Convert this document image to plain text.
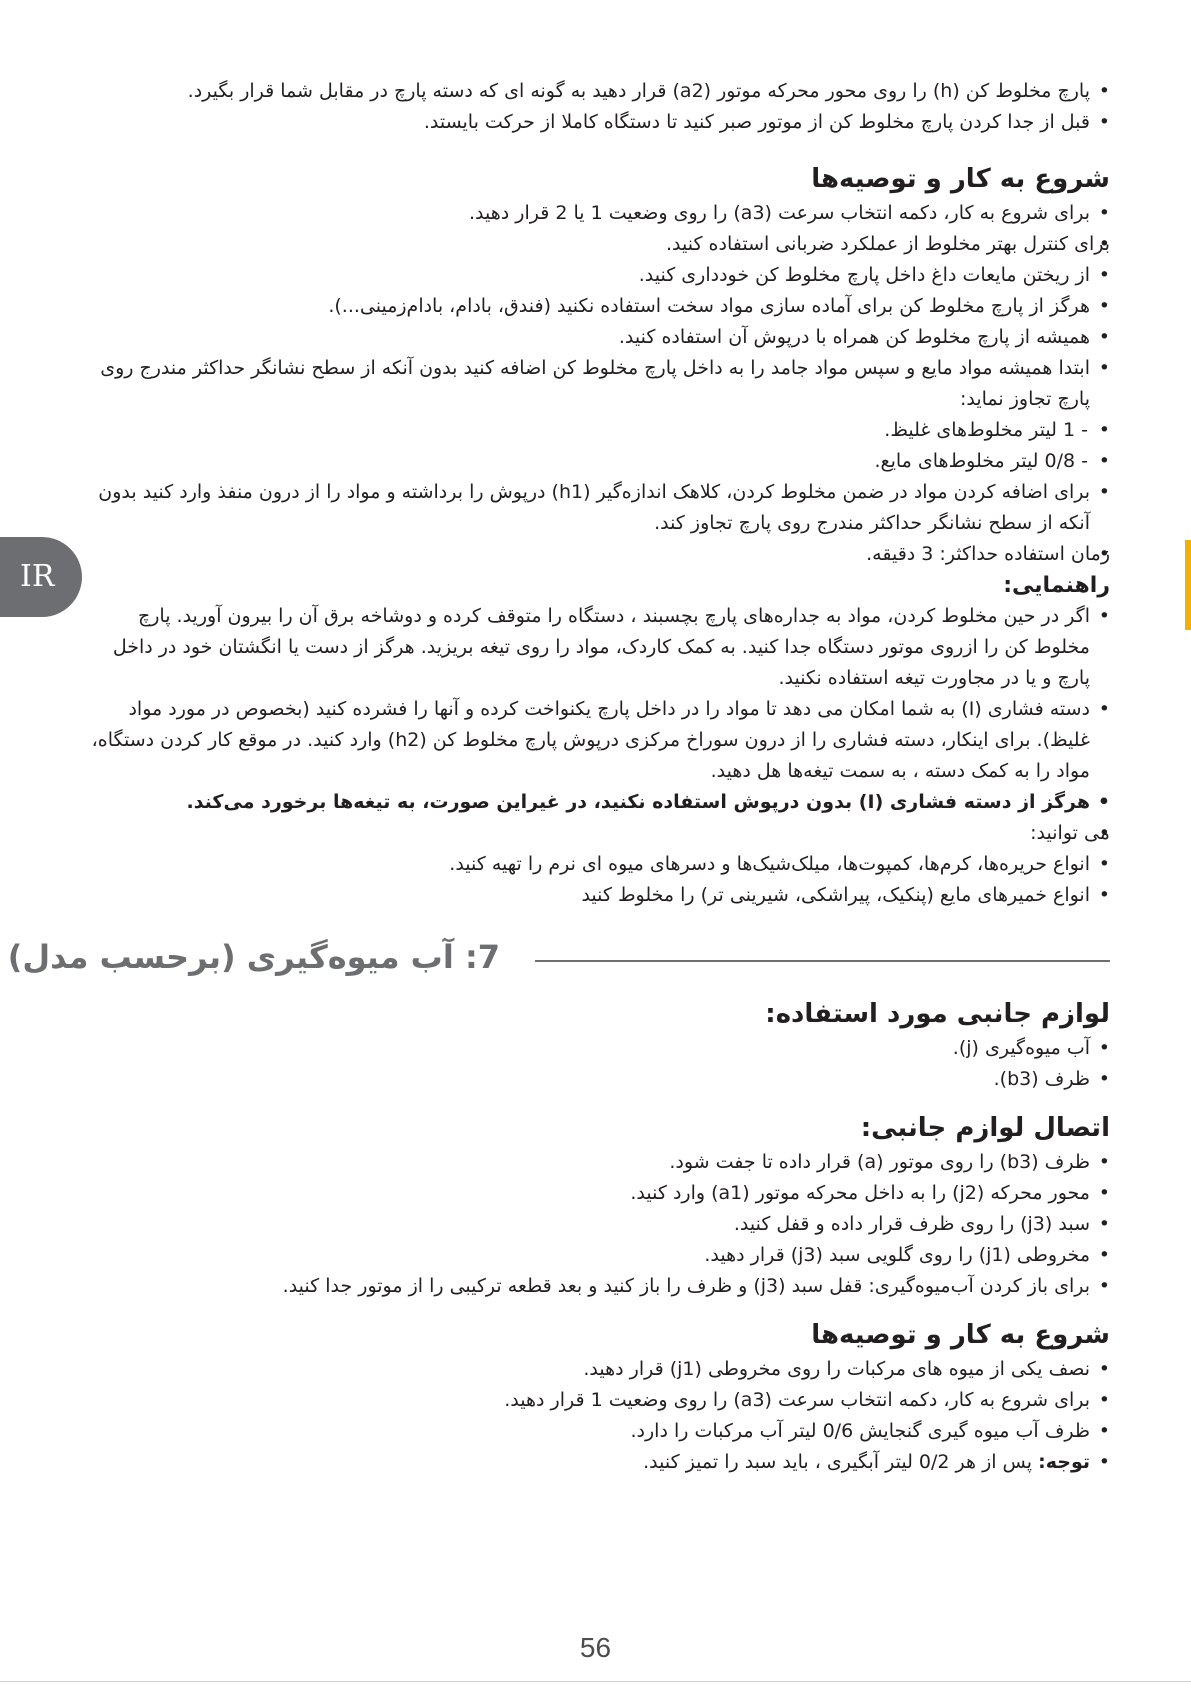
IR
• پارچ مخلوط کن (h) را روی محور محرکه موتور (a2) قرار دهید به گونه ای که دسته پارچ در مقابل شما قرار بگیرد.
• قبل از جدا کردن پارچ مخلوط کن از موتور صبر کنید تا دستگاه کاملا از حرکت بایستد.
شروع به کار و توصیه‌ها
• برای شروع به کار، دکمه انتخاب سرعت (a3) را روی وضعیت 1 یا 2 قرار دهید.
• برای کنترل بهتر مخلوط از عملکرد ضربانی استفاده کنید.
• از ریختن مایعات داغ داخل پارچ مخلوط کن خودداری کنید.
• هرگز از پارچ مخلوط کن برای آماده سازی مواد سخت استفاده نکنید (فندق، بادام، بادام‌زمینی...).
• همیشه از پارچ مخلوط کن همراه با درپوش آن استفاده کنید.
• ابتدا همیشه مواد مایع و سپس مواد جامد را به داخل پارچ مخلوط کن اضافه کنید بدون آنکه از سطح نشانگر حداکثر مندرج روی پارچ تجاوز نماید:
• - 1 لیتر مخلوط‌های غلیظ.
• - 0/8 لیتر مخلوط‌های مایع.
• برای اضافه کردن مواد در ضمن مخلوط کردن، کلاهک اندازه‌گیر (h1) درپوش را برداشته و مواد را از درون منفذ وارد کنید بدون آنکه از سطح نشانگر حداکثر مندرج روی پارچ تجاوز کند.
• زمان استفاده حداکثر: 3 دقیقه.
راهنمایی:
• اگر در حین مخلوط کردن، مواد به جداره‌های پارچ بچسبند ، دستگاه را متوقف کرده و دوشاخه برق آن را بیرون آورید. پارچ مخلوط کن را ازروی موتور دستگاه جدا کنید. به کمک کاردک، مواد را روی تیغه بریزید. هرگز از دست یا انگشتان خود در داخل پارچ و یا در مجاورت تیغه استفاده نکنید.
• دسته فشاری (I) به شما امکان می دهد تا مواد را در داخل پارچ یکنواخت کرده و آنها را فشرده کنید (بخصوص در مورد مواد غلیظ). برای اینکار، دسته فشاری را از درون سوراخ مرکزی درپوش پارچ مخلوط کن (h2) وارد کنید. در موقع کار کردن دستگاه، مواد را به کمک دسته ، به سمت تیغه‌ها هل دهید.
• هرگز از دسته فشاری (I) بدون درپوش استفاده نکنید، در غیراین صورت، به تیغه‌ها برخورد می‌کند.
• می توانید:
• انواع حریره‌ها، کرم‌ها، کمپوت‌ها، میلک‌شیک‌ها و دسرهای میوه ای نرم را تهیه کنید.
• انواع خمیرهای مایع (پنکیک، پیراشکی، شیرینی تر) را مخلوط کنید
7: آب میوه‌گیری (برحسب مدل)
لوازم جانبی مورد استفاده:
• آب میوه‌گیری (j).
• ظرف (b3).
اتصال لوازم جانبی:
• ظرف (b3) را روی موتور (a) قرار داده تا جفت شود.
• محور محرکه (j2) را به داخل محرکه موتور (a1) وارد کنید.
• سبد (j3) را روی ظرف قرار داده و قفل کنید.
• مخروطی (j1) را روی گلویی سبد (j3) قرار دهید.
• برای باز کردن آب‌میوه‌گیری: قفل سبد (j3) و ظرف را باز کنید و بعد قطعه ترکیبی را از موتور جدا کنید.
شروع به کار و توصیه‌ها
• نصف یکی از میوه های مرکبات را روی مخروطی (j1) قرار دهید.
• برای شروع به کار، دکمه انتخاب سرعت (a3) را روی وضعیت 1 قرار دهید.
• ظرف آب میوه گیری گنجایش 0/6 لیتر آب مرکبات را دارد.
• توجه: پس از هر 0/2 لیتر آبگیری ، باید سبد را تمیز کنید.
56
